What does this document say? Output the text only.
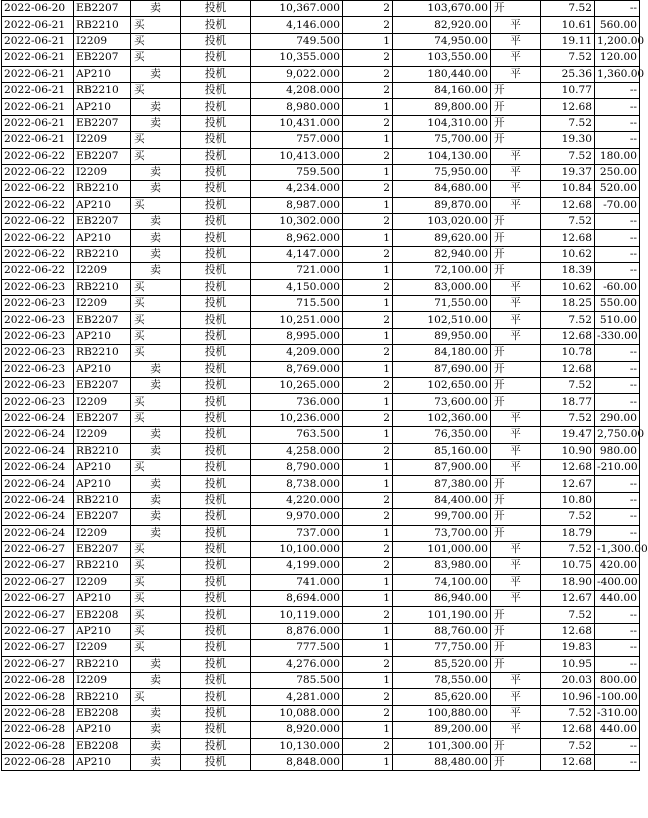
2022-06-20	EB2207	卖	投机	10,367.000	2	103,670.00	开	7.52	--
2022-06-21	RB2210	买	投机	4,146.000	2	82,920.00	平	10.61	560.00
2022-06-21	I2209	买	投机	749.500	1	74,950.00	平	19.11	1,200.00
2022-06-21	EB2207	买	投机	10,355.000	2	103,550.00	平	7.52	120.00
2022-06-21	AP210	卖	投机	9,022.000	2	180,440.00	平	25.36	1,360.00
2022-06-21	RB2210	买	投机	4,208.000	2	84,160.00	开	10.77	--
2022-06-21	AP210	卖	投机	8,980.000	1	89,800.00	开	12.68	--
2022-06-21	EB2207	卖	投机	10,431.000	2	104,310.00	开	7.52	--
2022-06-21	I2209	买	投机	757.000	1	75,700.00	开	19.30	--
2022-06-22	EB2207	买	投机	10,413.000	2	104,130.00	平	7.52	180.00
2022-06-22	I2209	卖	投机	759.500	1	75,950.00	平	19.37	250.00
2022-06-22	RB2210	卖	投机	4,234.000	2	84,680.00	平	10.84	520.00
2022-06-22	AP210	买	投机	8,987.000	1	89,870.00	平	12.68	-70.00
2022-06-22	EB2207	卖	投机	10,302.000	2	103,020.00	开	7.52	--
2022-06-22	AP210	卖	投机	8,962.000	1	89,620.00	开	12.68	--
2022-06-22	RB2210	卖	投机	4,147.000	2	82,940.00	开	10.62	--
2022-06-22	I2209	卖	投机	721.000	1	72,100.00	开	18.39	--
2022-06-23	RB2210	买	投机	4,150.000	2	83,000.00	平	10.62	-60.00
2022-06-23	I2209	买	投机	715.500	1	71,550.00	平	18.25	550.00
2022-06-23	EB2207	买	投机	10,251.000	2	102,510.00	平	7.52	510.00
2022-06-23	AP210	买	投机	8,995.000	1	89,950.00	平	12.68	-330.00
2022-06-23	RB2210	买	投机	4,209.000	2	84,180.00	开	10.78	--
2022-06-23	AP210	卖	投机	8,769.000	1	87,690.00	开	12.68	--
2022-06-23	EB2207	卖	投机	10,265.000	2	102,650.00	开	7.52	--
2022-06-23	I2209	买	投机	736.000	1	73,600.00	开	18.77	--
2022-06-24	EB2207	买	投机	10,236.000	2	102,360.00	平	7.52	290.00
2022-06-24	I2209	卖	投机	763.500	1	76,350.00	平	19.47	2,750.00
2022-06-24	RB2210	卖	投机	4,258.000	2	85,160.00	平	10.90	980.00
2022-06-24	AP210	买	投机	8,790.000	1	87,900.00	平	12.68	-210.00
2022-06-24	AP210	卖	投机	8,738.000	1	87,380.00	开	12.67	--
2022-06-24	RB2210	卖	投机	4,220.000	2	84,400.00	开	10.80	--
2022-06-24	EB2207	卖	投机	9,970.000	2	99,700.00	开	7.52	--
2022-06-24	I2209	卖	投机	737.000	1	73,700.00	开	18.79	--
2022-06-27	EB2207	买	投机	10,100.000	2	101,000.00	平	7.52	-1,300.00
2022-06-27	RB2210	买	投机	4,199.000	2	83,980.00	平	10.75	420.00
2022-06-27	I2209	买	投机	741.000	1	74,100.00	平	18.90	-400.00
2022-06-27	AP210	买	投机	8,694.000	1	86,940.00	平	12.67	440.00
2022-06-27	EB2208	买	投机	10,119.000	2	101,190.00	开	7.52	--
2022-06-27	AP210	买	投机	8,876.000	1	88,760.00	开	12.68	--
2022-06-27	I2209	买	投机	777.500	1	77,750.00	开	19.83	--
2022-06-27	RB2210	卖	投机	4,276.000	2	85,520.00	开	10.95	--
2022-06-28	I2209	卖	投机	785.500	1	78,550.00	平	20.03	800.00
2022-06-28	RB2210	买	投机	4,281.000	2	85,620.00	平	10.96	-100.00
2022-06-28	EB2208	卖	投机	10,088.000	2	100,880.00	平	7.52	-310.00
2022-06-28	AP210	卖	投机	8,920.000	1	89,200.00	平	12.68	440.00
2022-06-28	EB2208	卖	投机	10,130.000	2	101,300.00	开	7.52	--
2022-06-28	AP210	卖	投机	8,848.000	1	88,480.00	开	12.68	--
